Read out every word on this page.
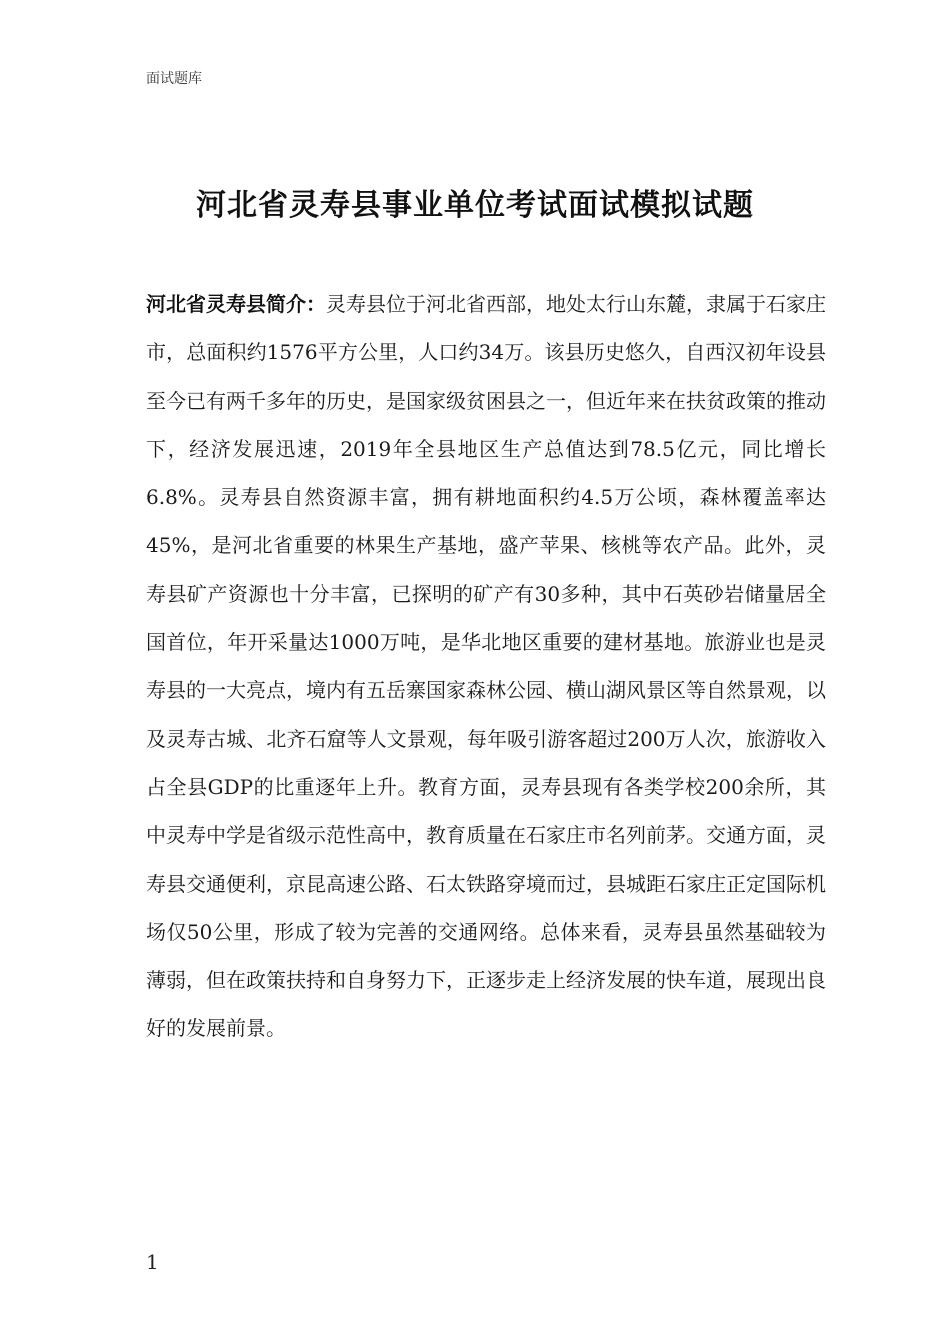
面试题库
河北省灵寿县事业单位考试面试模拟试题

河北省灵寿县简介：灵寿县位于河北省西部，地处太行山东麓，隶属于石家庄市，总面积约1576平方公里，人口约34万。该县历史悠久，自西汉初年设县至今已有两千多年的历史，是国家级贫困县之一，但近年来在扶贫政策的推动下，经济发展迅速，2019年全县地区生产总值达到78.5亿元，同比增长6.8%。灵寿县自然资源丰富，拥有耕地面积约4.5万公顷，森林覆盖率达45%，是河北省重要的林果生产基地，盛产苹果、核桃等农产品。此外，灵寿县矿产资源也十分丰富，已探明的矿产有30多种，其中石英砂岩储量居全国首位，年开采量达1000万吨，是华北地区重要的建材基地。旅游业也是灵寿县的一大亮点，境内有五岳寨国家森林公园、横山湖风景区等自然景观，以及灵寿古城、北齐石窟等人文景观，每年吸引游客超过200万人次，旅游收入占全县GDP的比重逐年上升。教育方面，灵寿县现有各类学校200余所，其中灵寿中学是省级示范性高中，教育质量在石家庄市名列前茅。交通方面，灵寿县交通便利，京昆高速公路、石太铁路穿境而过，县城距石家庄正定国际机场仅50公里，形成了较为完善的交通网络。总体来看，灵寿县虽然基础较为薄弱，但在政策扶持和自身努力下，正逐步走上经济发展的快车道，展现出良好的发展前景。

1
